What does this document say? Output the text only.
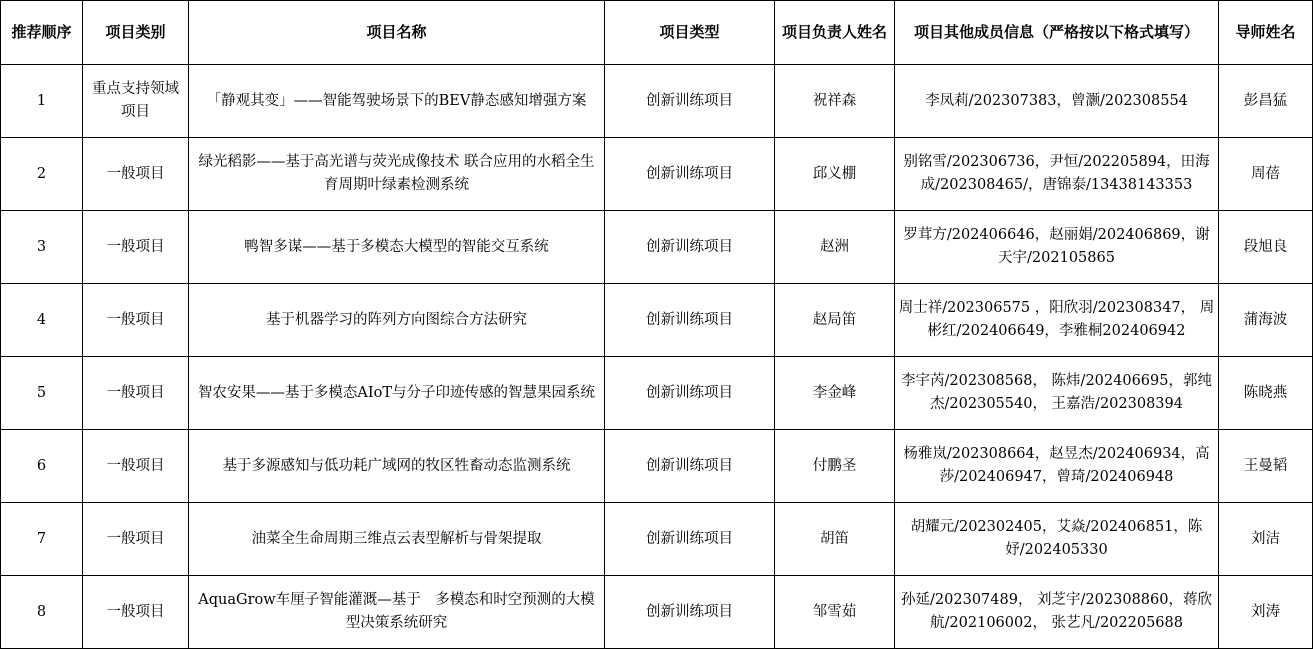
推荐顺序	项目类别	项目名称	项目类型	项目负责人姓名	项目其他成员信息（严格按以下格式填写）	导师姓名
1	重点支持领域项目	「静观其变」——智能驾驶场景下的BEV静态感知增强方案	创新训练项目	祝祥森	李凤莉/202307383，曾灏/202308554	彭昌猛
2	一般项目	绿光稻影——基于高光谱与荧光成像技术 联合应用的水稻全生育周期叶绿素检测系统	创新训练项目	邱义棚	别铭雪/202306736，尹恒/202205894，田海成/202308465/，唐锦泰/13438143353	周蓓
3	一般项目	鸭智多谋——基于多模态大模型的智能交互系统	创新训练项目	赵洲	罗茸方/202406646，赵丽娟/202406869，谢天宇/202105865	段旭良
4	一般项目	基于机器学习的阵列方向图综合方法研究	创新训练项目	赵局笛	周士祥/202306575 ，阳欣羽/202308347， 周彬红/202406649，李雅桐202406942	蒲海波
5	一般项目	智农安果——基于多模态AIoT与分子印迹传感的智慧果园系统	创新训练项目	李金峰	李宇芮/202308568， 陈炜/202406695，郭纯杰/202305540， 王嘉浩/202308394	陈晓燕
6	一般项目	基于多源感知与低功耗广域网的牧区牲畜动态监测系统	创新训练项目	付鹏圣	杨雅岚/202308664，赵昱杰/202406934，高莎/202406947，曾琦/202406948	王曼韬
7	一般项目	油菜全生命周期三维点云表型解析与骨架提取	创新训练项目	胡笛	胡耀元/202302405，艾焱/202406851，陈妤/202405330	刘洁
8	一般项目	AquaGrow车厘子智能灌溉—基于　多模态和时空预测的大模型决策系统研究	创新训练项目	邹雪茹	孙延/202307489， 刘芝宇/202308860，蒋欣航/202106002， 张艺凡/202205688	刘涛
